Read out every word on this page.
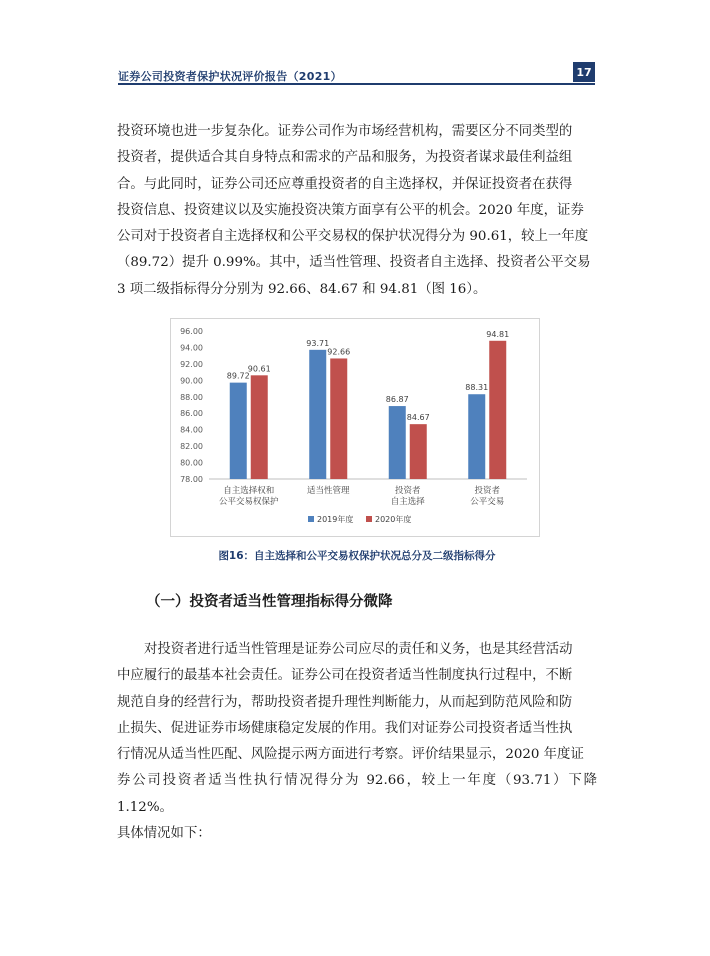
证券公司投资者保护状况评价报告（2021）	17

投资环境也进一步复杂化。证券公司作为市场经营机构，需要区分不同类型的

投资者，提供适合其自身特点和需求的产品和服务，为投资者谋求最佳利益组

合。与此同时，证券公司还应尊重投资者的自主选择权，并保证投资者在获得

投资信息、投资建议以及实施投资决策方面享有公平的机会。2020 年度，证券

公司对于投资者自主选择权和公平交易权的保护状况得分为 90.61，较上一年度

（89.72）提升 0.99%。其中，适当性管理、投资者自主选择、投资者公平交易

3 项二级指标得分分别为 92.66、84.67 和 94.81（图 16）。

78.00
80.00
82.00
84.00
86.00
88.00
90.00
92.00
94.00
96.00
89.72
90.61
自主选择权和
公平交易权保护
93.71
92.66
适当性管理
86.87
84.67
投资者
自主选择
88.31
94.81
投资者
公平交易
2019年度	2020年度
图16：自主选择和公平交易权保护状况总分及二级指标得分
（一）投资者适当性管理指标得分微降

对投资者进行适当性管理是证券公司应尽的责任和义务，也是其经营活动

中应履行的最基本社会责任。证券公司在投资者适当性制度执行过程中，不断

规范自身的经营行为，帮助投资者提升理性判断能力，从而起到防范风险和防

止损失、促进证券市场健康稳定发展的作用。我们对证券公司投资者适当性执

行情况从适当性匹配、风险提示两方面进行考察。评价结果显示，2020 年度证

券公司投资者适当性执行情况得分为 92.66，较上一年度（93.71）下降 1.12%。

具体情况如下：
